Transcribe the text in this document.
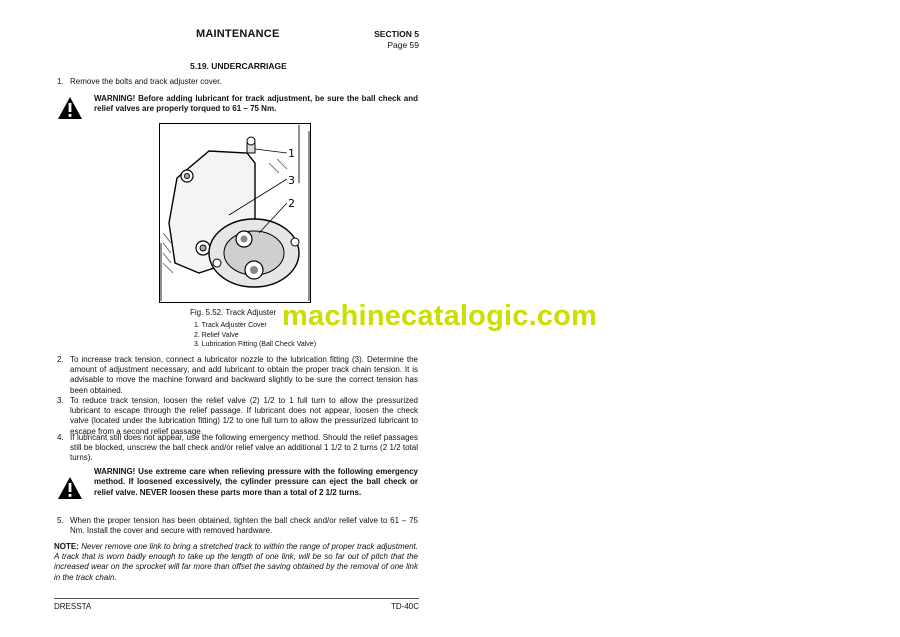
MAINTENANCE	SECTION 5
Page 59
5.19. UNDERCARRIAGE
1. Remove the bolts and track adjuster cover.
WARNING! Before adding lubricant for track adjustment, be sure the ball check and relief valves are properly torqued to 61 – 75 Nm.
1
3
2
Fig. 5.52. Track Adjuster
1. Track Adjuster Cover
2. Relief Valve
3. Lubrication Fitting (Ball Check Valve)
machinecatalogic.com
2. To increase track tension, connect a lubricator nozzle to the lubrication fitting (3). Determine the amount of adjustment necessary, and add lubricant to obtain the proper track chain tension. It is advisable to move the machine forward and backward slightly to be sure the correct tension has been obtained.
3. To reduce track tension, loosen the relief valve (2) 1/2 to 1 full turn to allow the pressurized lubricant to escape through the relief passage. If lubricant does not appear, loosen the check valve (located under the lubrication fitting) 1/2 to one full turn to allow the pressurized lubricant to escape from a second relief passage.
4. If lubricant still does not appear, use the following emergency method. Should the relief passages still be blocked, unscrew the ball check and/or relief valve an additional 1 1/2 to 2 turns (2 1/2 total turns).
WARNING! Use extreme care when relieving pressure with the following emergency method. If loosened excessively, the cylinder pressure can eject the ball check or relief valve. NEVER loosen these parts more than a total of 2 1/2 turns.
5. When the proper tension has been obtained, tighten the ball check and/or relief valve to 61 – 75 Nm. Install the cover and secure with removed hardware.
NOTE: Never remove one link to bring a stretched track to within the range of proper track adjustment. A track that is worn badly enough to take up the length of one link, will be so far out of pitch that the increased wear on the sprocket will far more than offset the saving obtained by the removal of one link in the track chain.
DRESSTA	TD-40C
